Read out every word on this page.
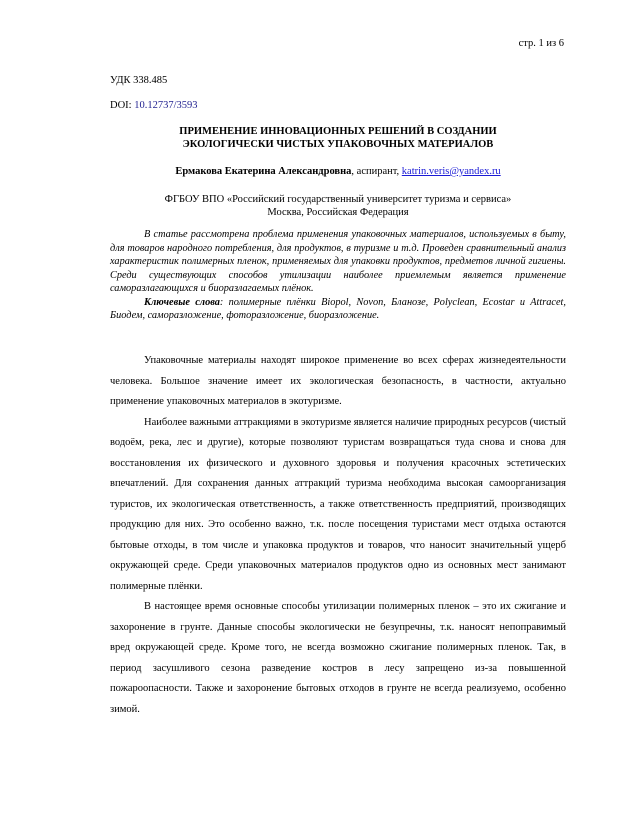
стр. 1 из 6
УДК 338.485
DOI: 10.12737/3593
ПРИМЕНЕНИЕ ИННОВАЦИОННЫХ РЕШЕНИЙ В СОЗДАНИИ
ЭКОЛОГИЧЕСКИ ЧИСТЫХ УПАКОВОЧНЫХ МАТЕРИАЛОВ
Ермакова Екатерина Александровна, аспирант, katrin.veris@yandex.ru
ФГБОУ ВПО «Российский государственный университет туризма и сервиса»
Москва, Российская Федерация

В статье рассмотрена проблема применения упаковочных материалов, используемых в быту, для товаров народного потребления, для продуктов, в туризме и т.д. Проведен сравнительный анализ характеристик полимерных пленок, применяемых для упаковки продуктов, предметов личной гигиены. Среди существующих способов утилизации наиболее приемлемым является применение саморазлагающихся и биоразлагаемых плёнок.

Ключевые слова: полимерные плёнки Biopol, Novon, Бланозе, Polyclean, Ecostar и Attracet, Биодем, саморазложение, фоторазложение, биоразложение.

Упаковочные материалы находят широкое применение во всех сферах жизнедеятельности человека. Большое значение имеет их экологическая безопасность, в частности, актуально применение упаковочных материалов в экотуризме.

Наиболее важными аттракциями в экотуризме является наличие природных ресурсов (чистый водоём, река, лес и другие), которые позволяют туристам возвращаться туда снова и снова для восстановления их физического и духовного здоровья и получения красочных эстетических впечатлений. Для сохранения данных аттракций туризма необходима высокая самоорганизация туристов, их экологическая ответственность, а также ответственность предприятий, производящих продукцию для них. Это особенно важно, т.к. после посещения туристами мест отдыха остаются бытовые отходы, в том числе и упаковка продуктов и товаров, что наносит значительный ущерб окружающей среде. Среди упаковочных материалов продуктов одно из основных мест занимают полимерные плёнки.

В настоящее время основные способы утилизации полимерных пленок – это их сжигание и захоронение в грунте. Данные способы экологически не безупречны, т.к. наносят непоправимый вред окружающей среде. Кроме того, не всегда возможно сжигание полимерных пленок. Так, в период засушливого сезона разведение костров в лесу запрещено из-за повышенной пожароопасности. Также и захоронение бытовых отходов в грунте не всегда реализуемо, особенно зимой.
